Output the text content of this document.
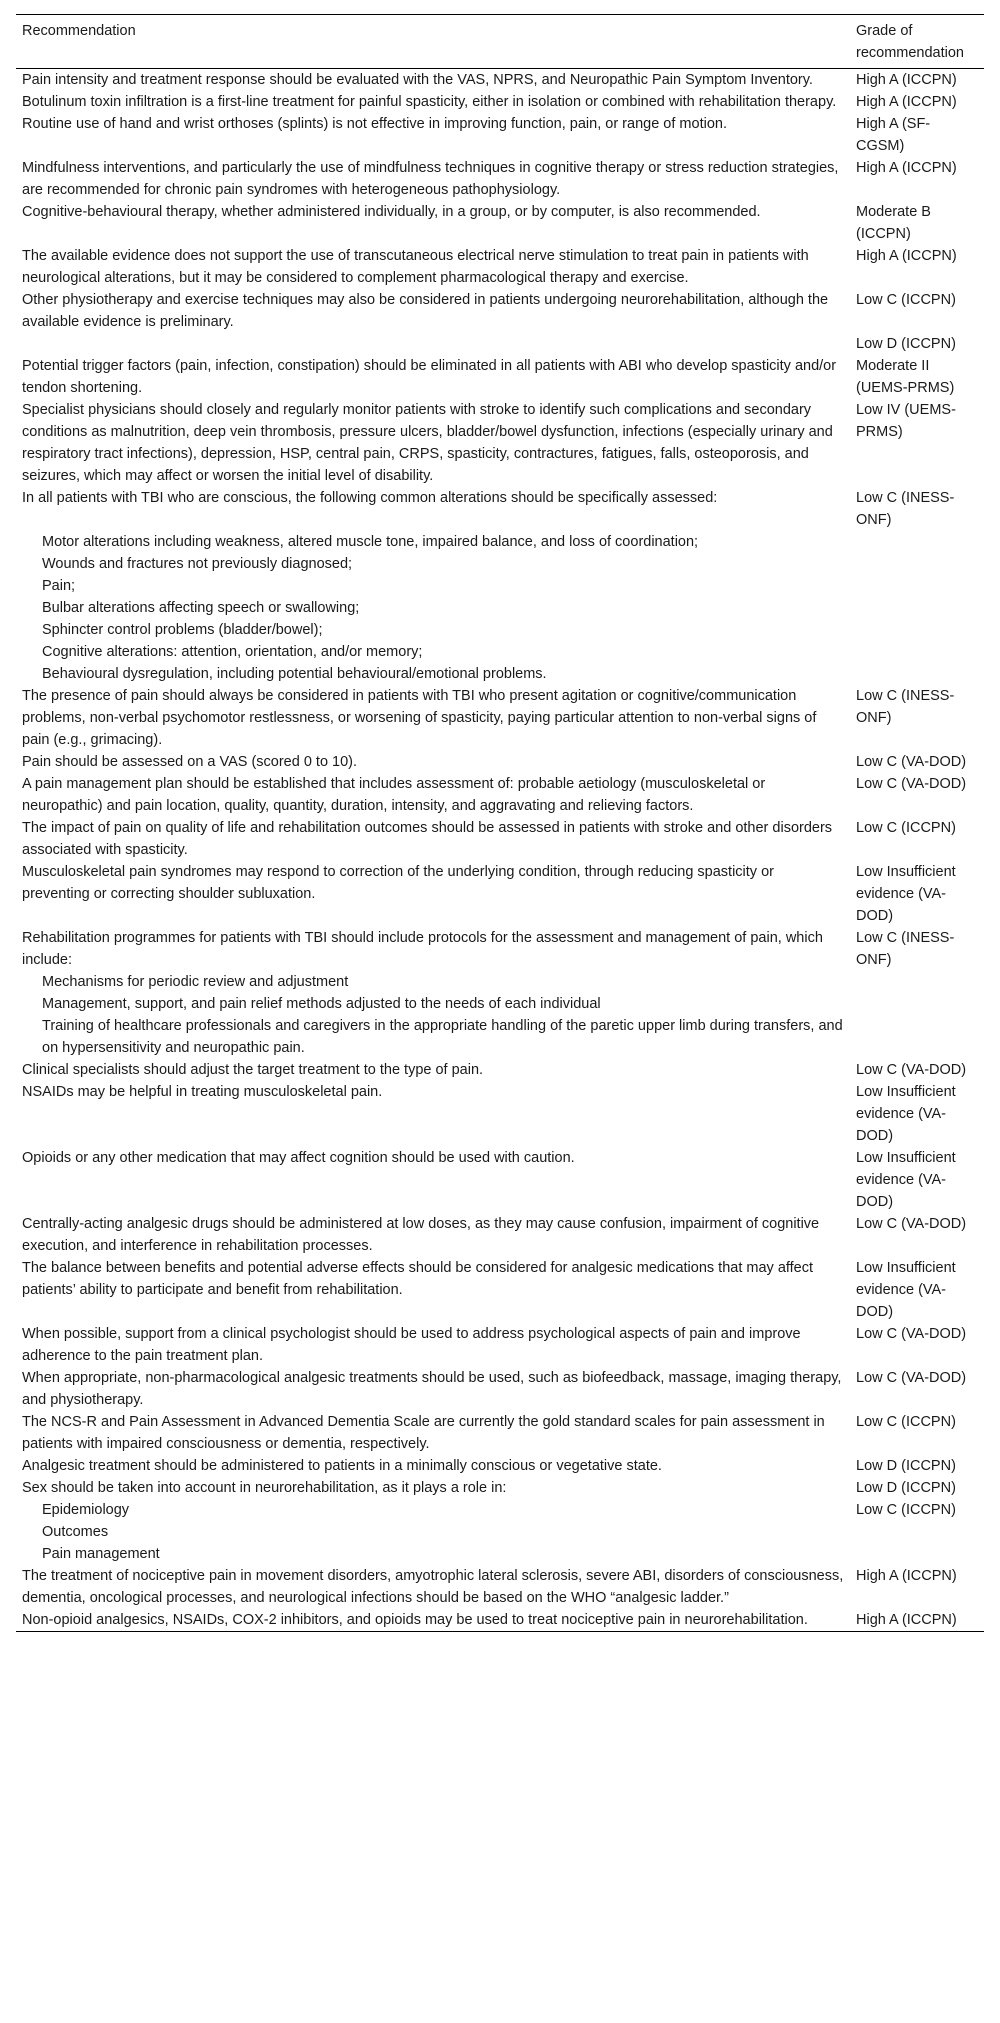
Recommendation	Grade of recommendation
Pain intensity and treatment response should be evaluated with the VAS, NPRS, and Neuropathic Pain Symptom Inventory.	High A (ICCPN)
Botulinum toxin infiltration is a first-line treatment for painful spasticity, either in isolation or combined with rehabilitation therapy.	High A (ICCPN)
Routine use of hand and wrist orthoses (splints) is not effective in improving function, pain, or range of motion.	High A (SF-CGSM)
Mindfulness interventions, and particularly the use of mindfulness techniques in cognitive therapy or stress reduction strategies, are recommended for chronic pain syndromes with heterogeneous pathophysiology.	High A (ICCPN)
Cognitive-behavioural therapy, whether administered individually, in a group, or by computer, is also recommended.	Moderate B (ICCPN)
The available evidence does not support the use of transcutaneous electrical nerve stimulation to treat pain in patients with neurological alterations, but it may be considered to complement pharmacological therapy and exercise.	High A (ICCPN)
Other physiotherapy and exercise techniques may also be considered in patients undergoing neurorehabilitation, although the available evidence is preliminary.	Low C (ICCPN)
	Low D (ICCPN)
Potential trigger factors (pain, infection, constipation) should be eliminated in all patients with ABI who develop spasticity and/or tendon shortening.	Moderate II (UEMS-PRMS)
Specialist physicians should closely and regularly monitor patients with stroke to identify such complications and secondary conditions as malnutrition, deep vein thrombosis, pressure ulcers, bladder/bowel dysfunction, infections (especially urinary and respiratory tract infections), depression, HSP, central pain, CRPS, spasticity, contractures, fatigues, falls, osteoporosis, and seizures, which may affect or worsen the initial level of disability.	Low IV (UEMS-PRMS)
In all patients with TBI who are conscious, the following common alterations should be specifically assessed:	Low C (INESS-ONF)
Motor alterations including weakness, altered muscle tone, impaired balance, and loss of coordination;	
Wounds and fractures not previously diagnosed;	
Pain;	
Bulbar alterations affecting speech or swallowing;	
Sphincter control problems (bladder/bowel);	
Cognitive alterations: attention, orientation, and/or memory;	
Behavioural dysregulation, including potential behavioural/emotional problems.	
The presence of pain should always be considered in patients with TBI who present agitation or cognitive/communication problems, non-verbal psychomotor restlessness, or worsening of spasticity, paying particular attention to non-verbal signs of pain (e.g., grimacing).	Low C (INESS-ONF)
Pain should be assessed on a VAS (scored 0 to 10).	Low C (VA-DOD)
A pain management plan should be established that includes assessment of: probable aetiology (musculoskeletal or neuropathic) and pain location, quality, quantity, duration, intensity, and aggravating and relieving factors.	Low C (VA-DOD)
The impact of pain on quality of life and rehabilitation outcomes should be assessed in patients with stroke and other disorders associated with spasticity.	Low C (ICCPN)
Musculoskeletal pain syndromes may respond to correction of the underlying condition, through reducing spasticity or preventing or correcting shoulder subluxation.	Low Insufficient evidence (VA-DOD)
Rehabilitation programmes for patients with TBI should include protocols for the assessment and management of pain, which include:	Low C (INESS-ONF)
Mechanisms for periodic review and adjustment	
Management, support, and pain relief methods adjusted to the needs of each individual	
Training of healthcare professionals and caregivers in the appropriate handling of the paretic upper limb during transfers, and on hypersensitivity and neuropathic pain.	
Clinical specialists should adjust the target treatment to the type of pain.	Low C (VA-DOD)
NSAIDs may be helpful in treating musculoskeletal pain.	Low Insufficient evidence (VA-DOD)
Opioids or any other medication that may affect cognition should be used with caution.	Low Insufficient evidence (VA-DOD)
Centrally-acting analgesic drugs should be administered at low doses, as they may cause confusion, impairment of cognitive execution, and interference in rehabilitation processes.	Low C (VA-DOD)
The balance between benefits and potential adverse effects should be considered for analgesic medications that may affect patients’ ability to participate and benefit from rehabilitation.	Low Insufficient evidence (VA-DOD)
When possible, support from a clinical psychologist should be used to address psychological aspects of pain and improve adherence to the pain treatment plan.	Low C (VA-DOD)
When appropriate, non-pharmacological analgesic treatments should be used, such as biofeedback, massage, imaging therapy, and physiotherapy.	Low C (VA-DOD)
The NCS-R and Pain Assessment in Advanced Dementia Scale are currently the gold standard scales for pain assessment in patients with impaired consciousness or dementia, respectively.	Low C (ICCPN)
Analgesic treatment should be administered to patients in a minimally conscious or vegetative state.	Low D (ICCPN)
Sex should be taken into account in neurorehabilitation, as it plays a role in:	Low D (ICCPN)
Epidemiology	Low C (ICCPN)
Outcomes	
Pain management	
The treatment of nociceptive pain in movement disorders, amyotrophic lateral sclerosis, severe ABI, disorders of consciousness, dementia, oncological processes, and neurological infections should be based on the WHO “analgesic ladder.”	High A (ICCPN)
Non-opioid analgesics, NSAIDs, COX-2 inhibitors, and opioids may be used to treat nociceptive pain in neurorehabilitation.	High A (ICCPN)
